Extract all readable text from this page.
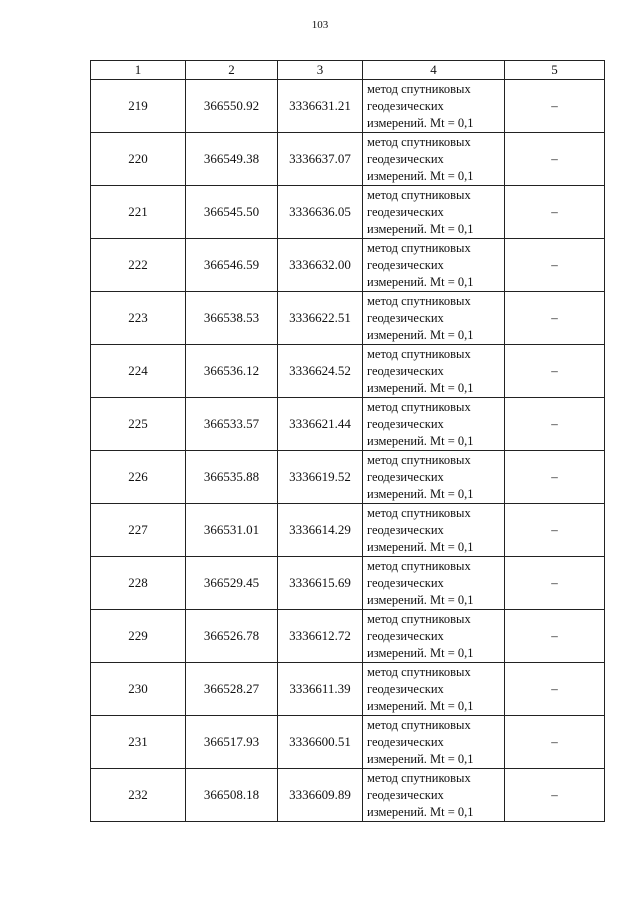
103
1	2	3	4	5
219	366550.92	3336631.21	метод спутниковых
геодезических
измерений. Mt = 0,1	–
220	366549.38	3336637.07	метод спутниковых
геодезических
измерений. Mt = 0,1	–
221	366545.50	3336636.05	метод спутниковых
геодезических
измерений. Mt = 0,1	–
222	366546.59	3336632.00	метод спутниковых
геодезических
измерений. Mt = 0,1	–
223	366538.53	3336622.51	метод спутниковых
геодезических
измерений. Mt = 0,1	–
224	366536.12	3336624.52	метод спутниковых
геодезических
измерений. Mt = 0,1	–
225	366533.57	3336621.44	метод спутниковых
геодезических
измерений. Mt = 0,1	–
226	366535.88	3336619.52	метод спутниковых
геодезических
измерений. Mt = 0,1	–
227	366531.01	3336614.29	метод спутниковых
геодезических
измерений. Mt = 0,1	–
228	366529.45	3336615.69	метод спутниковых
геодезических
измерений. Mt = 0,1	–
229	366526.78	3336612.72	метод спутниковых
геодезических
измерений. Mt = 0,1	–
230	366528.27	3336611.39	метод спутниковых
геодезических
измерений. Mt = 0,1	–
231	366517.93	3336600.51	метод спутниковых
геодезических
измерений. Mt = 0,1	–
232	366508.18	3336609.89	метод спутниковых
геодезических
измерений. Mt = 0,1	–
